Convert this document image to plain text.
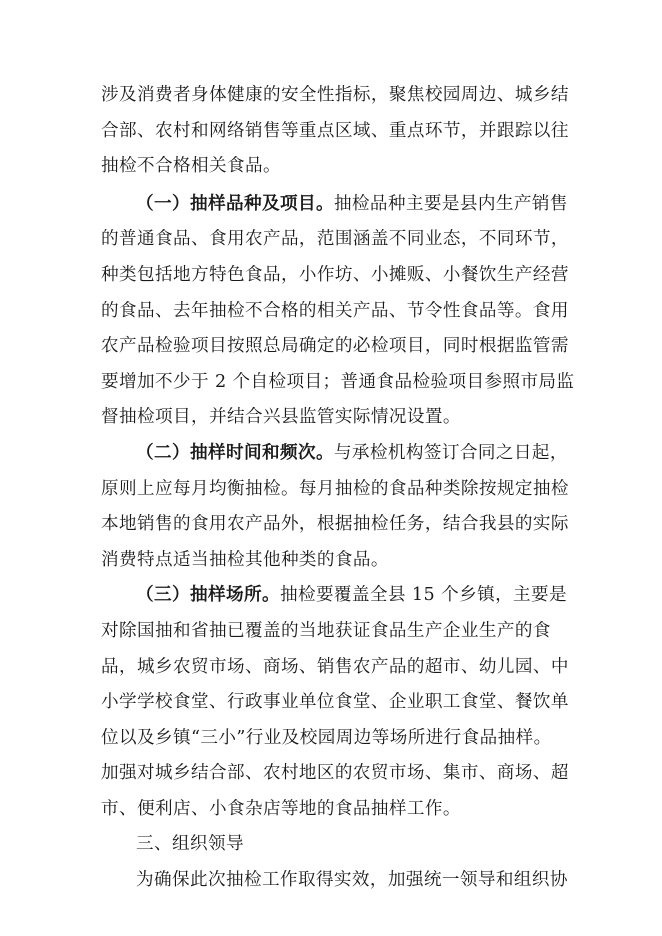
涉及消费者身体健康的安全性指标，聚焦校园周边、城乡结
合部、农村和网络销售等重点区域、重点环节，并跟踪以往
抽检不合格相关食品。

（一）抽样品种及项目。抽检品种主要是县内生产销售
的普通食品、食用农产品，范围涵盖不同业态，不同环节，
种类包括地方特色食品，小作坊、小摊贩、小餐饮生产经营
的食品、去年抽检不合格的相关产品、节令性食品等。食用
农产品检验项目按照总局确定的必检项目，同时根据监管需
要增加不少于 2 个自检项目；普通食品检验项目参照市局监
督抽检项目，并结合兴县监管实际情况设置。

（二）抽样时间和频次。与承检机构签订合同之日起，
原则上应每月均衡抽检。每月抽检的食品种类除按规定抽检
本地销售的食用农产品外，根据抽检任务，结合我县的实际
消费特点适当抽检其他种类的食品。

（三）抽样场所。抽检要覆盖全县 15 个乡镇，主要是
对除国抽和省抽已覆盖的当地获证食品生产企业生产的食
品，城乡农贸市场、商场、销售农产品的超市、幼儿园、中
小学学校食堂、行政事业单位食堂、企业职工食堂、餐饮单
位以及乡镇“三小”行业及校园周边等场所进行食品抽样。
加强对城乡结合部、农村地区的农贸市场、集市、商场、超
市、便利店、小食杂店等地的食品抽样工作。

三、组织领导

为确保此次抽检工作取得实效，加强统一领导和组织协
